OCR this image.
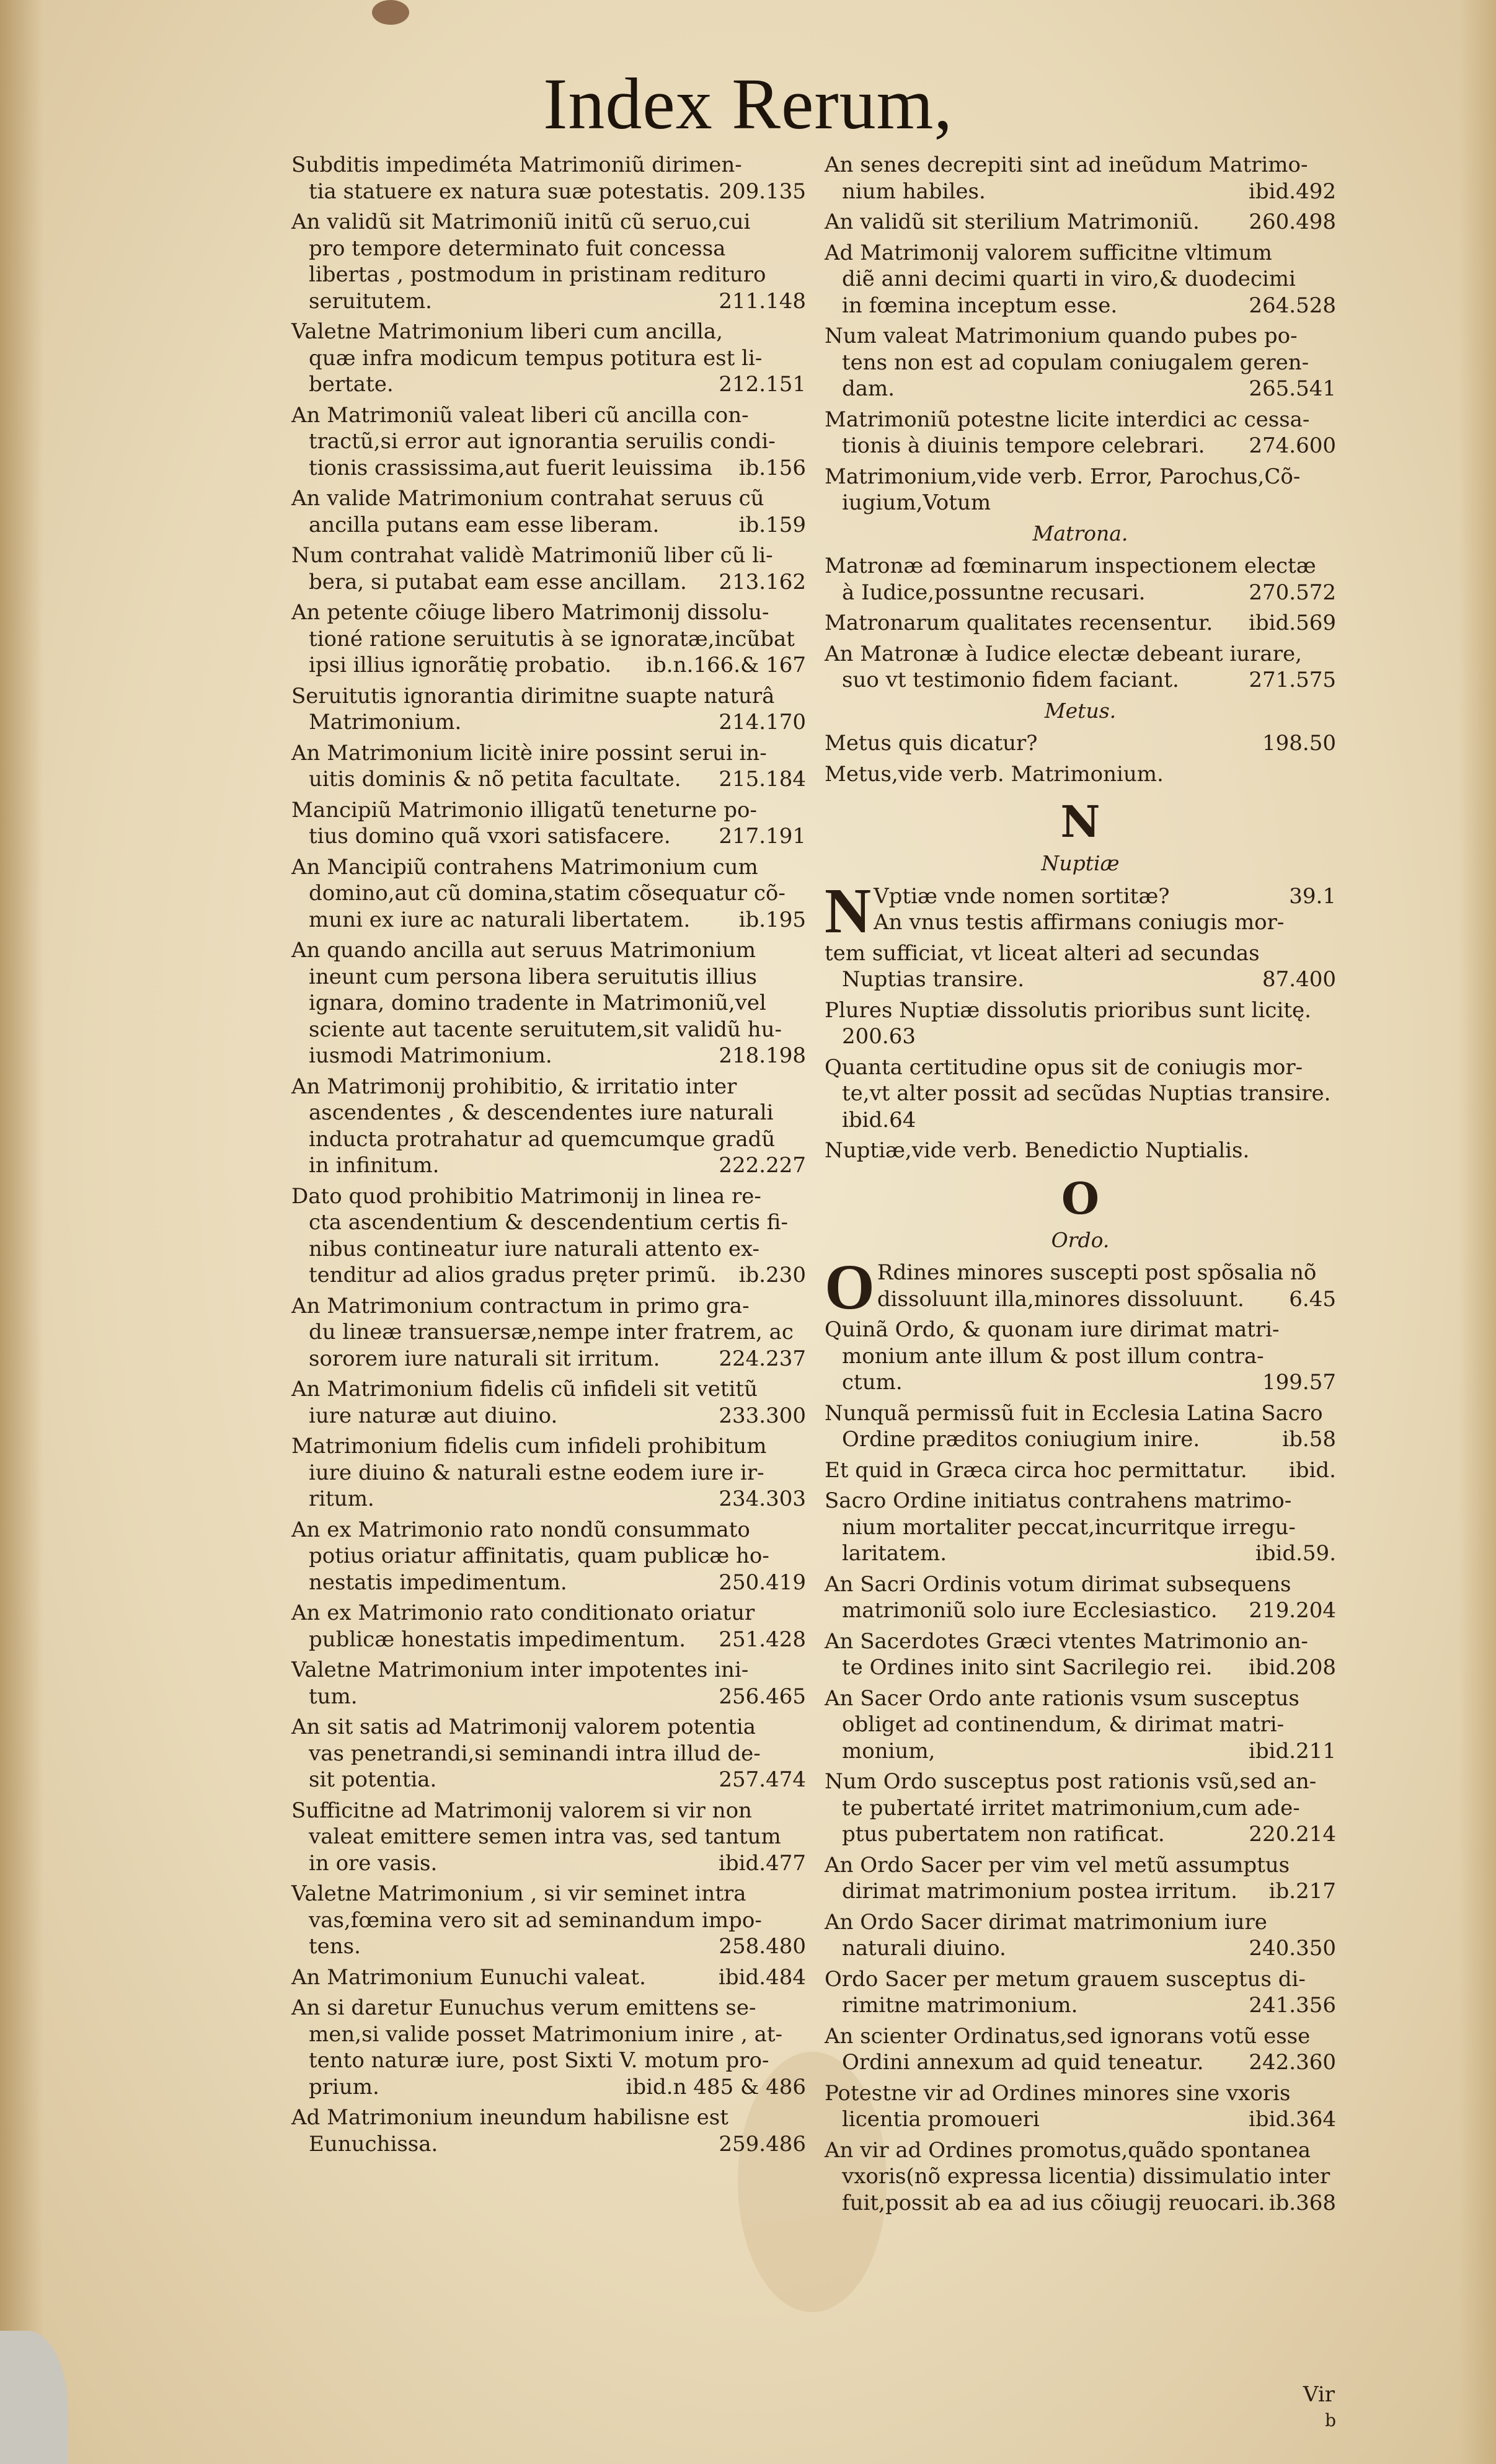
Index Rerum,
Subditis impediméta Matrimoniũ dirimen-
tia statuere ex natura suæ potestatis. 209.135
An validũ sit Matrimoniũ initũ cũ seruo,cui
pro tempore determinato fuit concessa
libertas , postmodum in pristinam rediturо
seruitutem.	211.148
Valetne Matrimonium liberi cum ancilla,
quæ infra modicum tempus potitura est li-
bertate.	212.151
An Matrimoniũ valeat liberi cũ ancilla con-
tractũ,si error aut ignorantia seruilis condi-
tionis crassissima,aut fuerit leuissima ib.156
An valide Matrimonium contrahat seruus cũ
ancilla putans eam esse liberam.	ib.159
Num contrahat validè Matrimoniũ liber cũ li-
bera, si putabat eam esse ancillam. 213.162
An petente cõiuge libero Matrimonij dissolu-
tioné ratione seruitutis à se ignoratæ,incũbat
ipsi illius ignorãtię probatio. ib.n.166.& 167
Seruitutis ignorantia dirimitne suapte naturâ
Matrimonium.	214.170
An Matrimonium licitè inire possint serui in-
uitis dominis & nõ petita facultate. 215.184
Mancipiũ Matrimonio illigatũ teneturne po-
tius domino quã vxori satisfacere. 217.191
An Mancipiũ contrahens Matrimonium cum
domino,aut cũ domina,statim cõsequatur cõ-
muni ex iure ac naturali libertatem. ib.195
An quando ancilla aut seruus Matrimonium
ineunt cum persona libera seruitutis illius
ignara, domino tradente in Matrimoniũ,vel
sciente aut tacente seruitutem,sit validũ hu-
iusmodi Matrimonium.	218.198
An Matrimonij prohibitio, & irritatio inter
ascendentes , & descendentes iure naturali
inducta protrahatur ad quemcumque gradũ
in infinitum.	222.227
Dato quod prohibitio Matrimonij in linea re-
cta ascendentium & descendentium certis fi-
nibus contineatur iure naturali attento ex-
tenditur ad alios gradus pręter primũ. ib.230
An Matrimonium contractum in primo gra-
du lineæ transuersæ,nempe inter fratrem, ac
sororem iure naturali sit irritum.	224.237
An Matrimonium fidelis cũ infideli sit vetitũ
iure naturæ aut diuino.	233.300
Matrimonium fidelis cum infideli prohibitum
iure diuino & naturali estne eodem iure ir-
ritum.	234.303
An ex Matrimonio rato nondũ consummato
potius oriatur affinitatis, quam publicæ ho-
nestatis impedimentum.	250.419
An ex Matrimonio rato conditionato oriatur
publicæ honestatis impedimentum. 251.428
Valetne Matrimonium inter impotentes ini-
tum.	256.465
An sit satis ad Matrimonij valorem potentia
vas penetrandi,si seminandi intra illud de-
sit potentia.	257.474
Sufficitne ad Matrimonij valorem si vir non
valeat emittere semen intra vas, sed tantum
in ore vasis.	ibid.477
Valetne Matrimonium , si vir seminet intra
vas,fœmina vero sit ad seminandum impo-
tens.	258.480
An Matrimonium Eunuchi valeat.	ibid.484
An si daretur Eunuchus verum emittens se-
men,si valide posset Matrimonium inire , at-
tento naturæ iure, post Sixti V. motum pro-
prium.	ibid.n 485 & 486
Ad Matrimonium ineundum habilisne est
Eunuchissa.	259.486
An senes decrepiti sint ad ineũdum Matrimo-
nium habiles.	ibid.492
An validũ sit sterilium Matrimoniũ. 260.498
Ad Matrimonij valorem sufficitne vltimum
diẽ anni decimi quarti in viro,& duodecimi
in fœmina inceptum esse.	264.528
Num valeat Matrimonium quando pubes po-
tens non est ad copulam coniugalem geren-
dam.	265.541
Matrimoniũ potestne licite interdici ac cessa-
tionis à diuinis tempore celebrari. 274.600
Matrimonium,vide verb. Error, Parochus,Cõ-
iugium,Votum
Matrona.
Matronæ ad fœminarum inspectionem electæ
à Iudice,possuntne recusari.	270.572
Matronarum qualitates recensentur. ibid.569
An Matronæ à Iudice electæ debeant iurare,
suo vt testimonio fidem faciant.	271.575
Metus.
Metus quis dicatur?	198.50
Metus,vide verb. Matrimonium.
N
Nuptiæ
N Vptiæ vnde nomen sortitæ?	39.1
An vnus testis affirmans coniugis mor-
tem sufficiat, vt liceat alteri ad secundas
Nuptias transire.	87.400
Plures Nuptiæ dissolutis prioribus sunt licitę.
200.63
Quanta certitudine opus sit de coniugis mor-
te,vt alter possit ad secũdas Nuptias transire.
ibid.64
Nuptiæ,vide verb. Benedictio Nuptialis.
O
Ordo.
O Rdines minores suscepti post spõsalia nõ
dissoluunt illa,minores dissoluunt. 6.45
Quinã Ordo, & quonam iure dirimat matri-
monium ante illum & post illum contra-
ctum.	199.57
Nunquã permissũ fuit in Ecclesia Latina Sacro
Ordine præditos coniugium inire.	ib.58
Et quid in Græca circa hoc permittatur. ibid.
Sacro Ordine initiatus contrahens matrimo-
nium mortaliter peccat,incurritque irregu-
laritatem.	ibid.59.
An Sacri Ordinis votum dirimat subsequens
matrimoniũ solo iure Ecclesiastico. 219.204
An Sacerdotes Græci vtentes Matrimonio an-
te Ordines inito sint Sacrilegio rei. ibid.208
An Sacer Ordo ante rationis vsum susceptus
obliget ad continendum, & dirimat matri-
monium,	ibid.211
Num Ordo susceptus post rationis vsũ,sed an-
te pubertaté irritet matrimonium,cum ade-
ptus pubertatem non ratificat.	220.214
An Ordo Sacer per vim vel metũ assumptus
dirimat matrimonium postea irritum. ib.217
An Ordo Sacer dirimat matrimonium iure
naturali diuino.	240.350
Ordo Sacer per metum grauem susceptus di-
rimitne matrimonium.	241.356
An scienter Ordinatus,sed ignorans votũ esse
Ordini annexum ad quid teneatur. 242.360
Potestne vir ad Ordines minores sine vxoris
licentia promoueri	ibid.364
An vir ad Ordines promotus,quãdo spontanea
vxoris(nõ expressa licentia) dissimulatio inter
fuit,possit ab ea ad ius cõiugij reuocari. ib.368
Vir
b
